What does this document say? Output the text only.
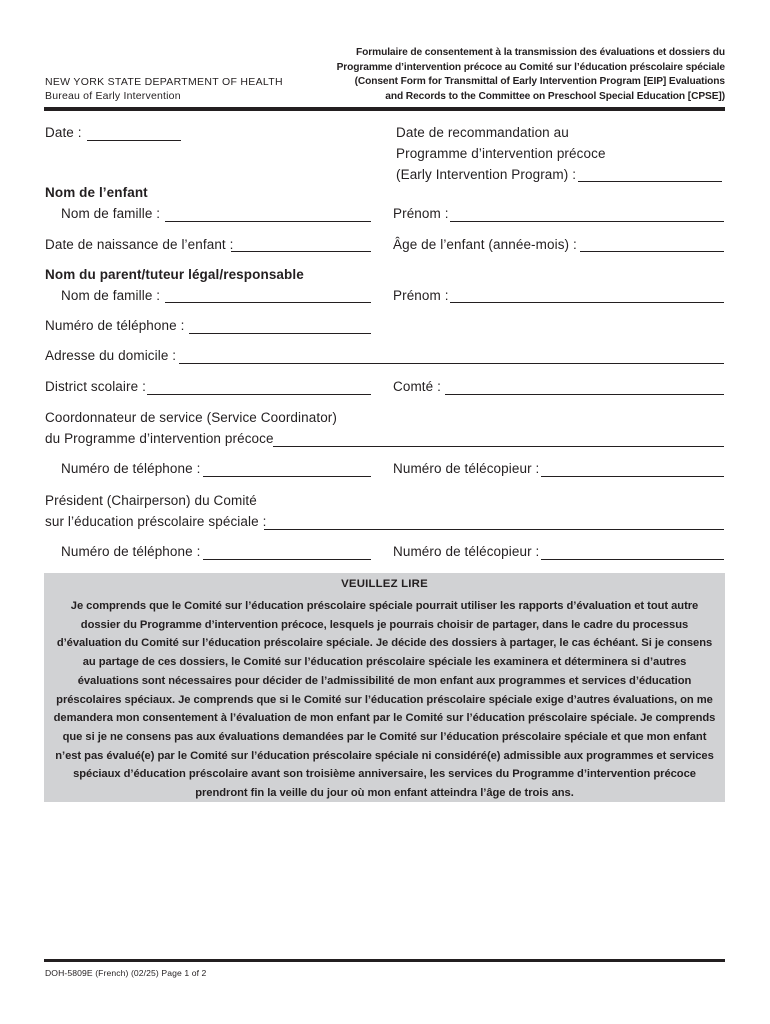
NEW YORK STATE DEPARTMENT OF HEALTH
Bureau of Early Intervention
Formulaire de consentement à la transmission des évaluations et dossiers du
Programme d’intervention précoce au Comité sur l’éducation préscolaire spéciale
(Consent Form for Transmittal of Early Intervention Program [EIP] Evaluations
and Records to the Committee on Preschool Special Education [CPSE])
Date :	Date de recommandation au
Programme d’intervention précoce
(Early Intervention Program) :
Nom de l’enfant
Nom de famille :	Prénom :
Date de naissance de l’enfant :	Âge de l’enfant (année-mois) :
Nom du parent/tuteur légal/responsable
Nom de famille :	Prénom :
Numéro de téléphone :
Adresse du domicile :
District scolaire :	Comté :
Coordonnateur de service (Service Coordinator)
du Programme d’intervention précoce
Numéro de téléphone :	Numéro de télécopieur :
Président (Chairperson) du Comité
sur l’éducation préscolaire spéciale :
Numéro de téléphone :	Numéro de télécopieur :
VEUILLEZ LIRE
Je comprends que le Comité sur l’éducation préscolaire spéciale pourrait utiliser les rapports d’évaluation et tout autre
dossier du Programme d’intervention précoce, lesquels je pourrais choisir de partager, dans le cadre du processus
d’évaluation du Comité sur l’éducation préscolaire spéciale. Je décide des dossiers à partager, le cas échéant. Si je consens
au partage de ces dossiers, le Comité sur l’éducation préscolaire spéciale les examinera et déterminera si d’autres
évaluations sont nécessaires pour décider de l’admissibilité de mon enfant aux programmes et services d’éducation
préscolaires spéciaux. Je comprends que si le Comité sur l’éducation préscolaire spéciale exige d’autres évaluations, on me
demandera mon consentement à l’évaluation de mon enfant par le Comité sur l’éducation préscolaire spéciale. Je comprends
que si je ne consens pas aux évaluations demandées par le Comité sur l’éducation préscolaire spéciale et que mon enfant
n’est pas évalué(e) par le Comité sur l’éducation préscolaire spéciale ni considéré(e) admissible aux programmes et services
spéciaux d’éducation préscolaire avant son troisième anniversaire, les services du Programme d’intervention précoce
prendront fin la veille du jour où mon enfant atteindra l’âge de trois ans.
DOH-5809E (French) (02/25) Page 1 of 2
